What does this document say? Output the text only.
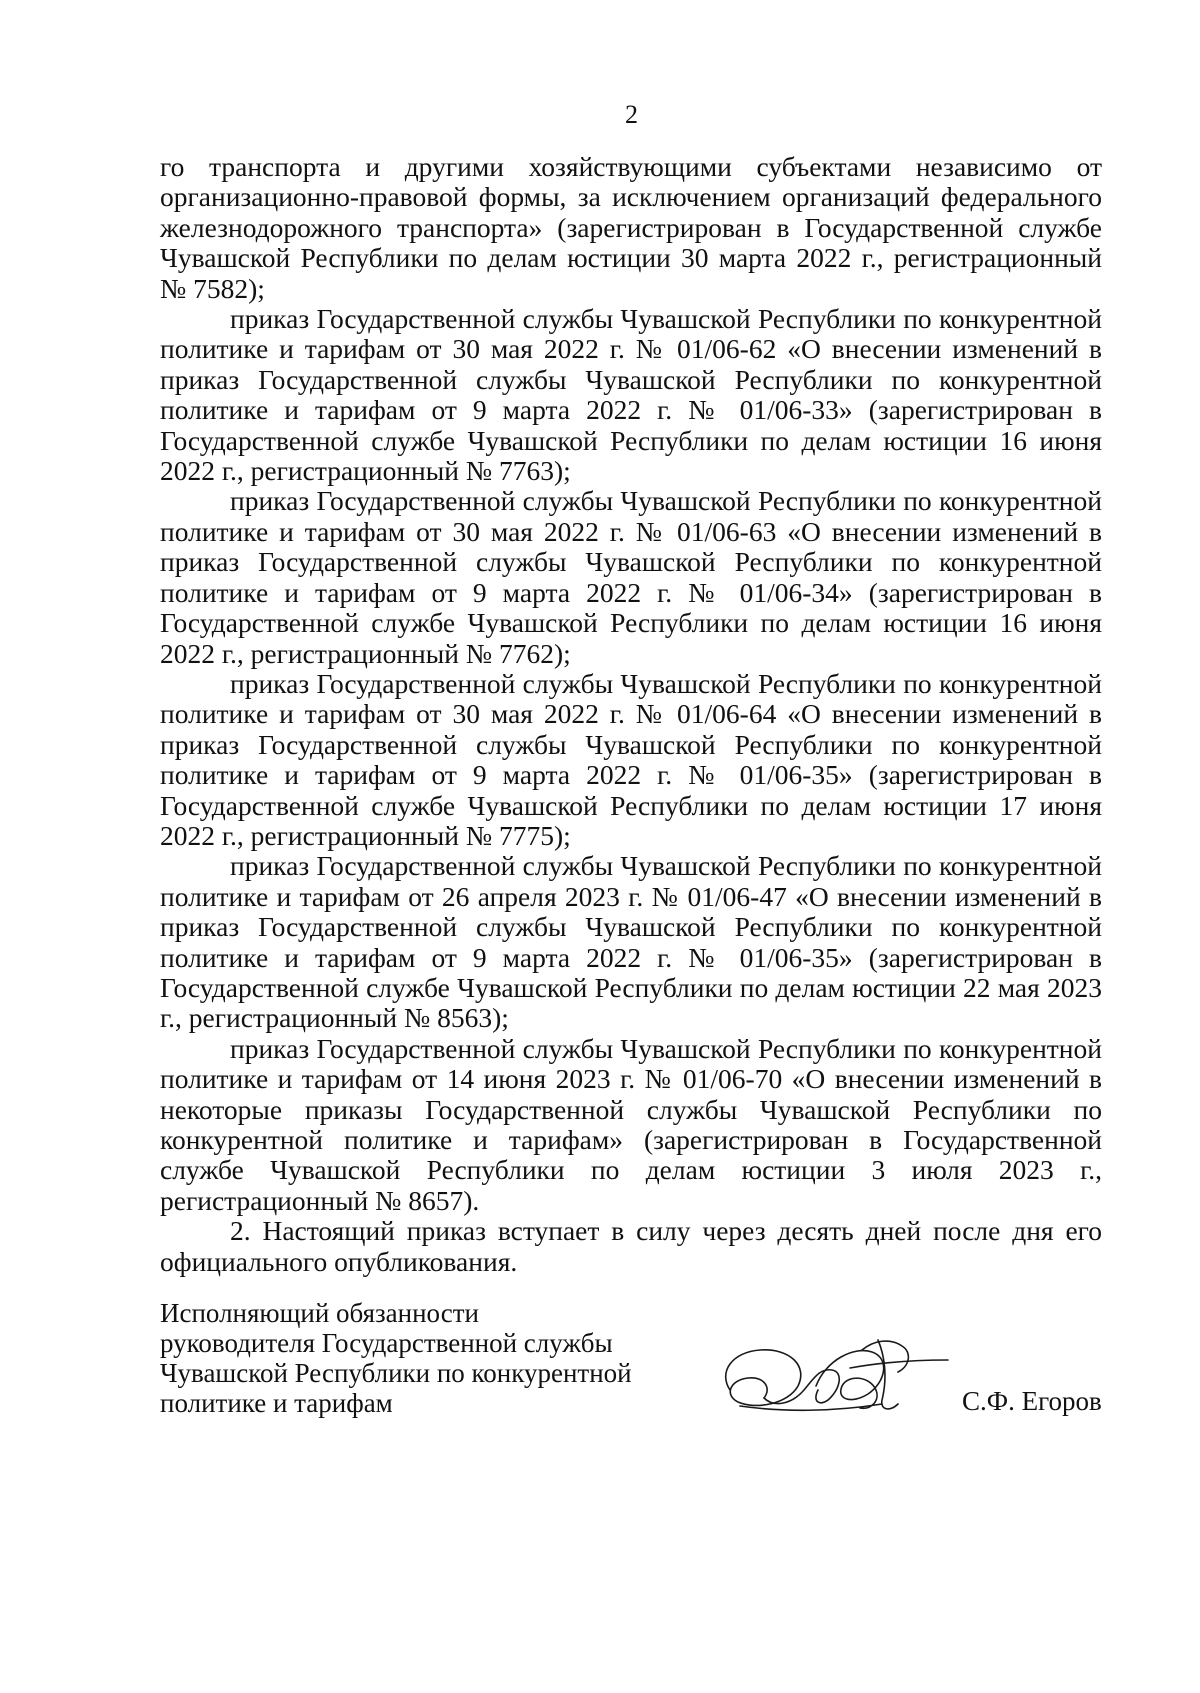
2

го транспорта и другими хозяйствующими субъектами независимо от организационно-правовой формы, за исключением организаций федерального железнодорожного транспорта» (зарегистрирован в Государственной службе Чувашской Республики по делам юстиции 30 марта 2022 г., регистрационный № 7582);

приказ Государственной службы Чувашской Республики по конкурентной политике и тарифам от 30 мая 2022 г. № 01/06-62 «О внесении изменений в приказ Государственной службы Чувашской Республики по конкурентной политике и тарифам от 9 марта 2022 г. № 01/06-33» (зарегистрирован в Государственной службе Чувашской Республики по делам юстиции 16 июня 2022 г., регистрационный № 7763);

приказ Государственной службы Чувашской Республики по конкурентной политике и тарифам от 30 мая 2022 г. № 01/06-63 «О внесении изменений в приказ Государственной службы Чувашской Республики по конкурентной политике и тарифам от 9 марта 2022 г. № 01/06-34» (зарегистрирован в Государственной службе Чувашской Республики по делам юстиции 16 июня 2022 г., регистрационный № 7762);

приказ Государственной службы Чувашской Республики по конкурентной политике и тарифам от 30 мая 2022 г. № 01/06-64 «О внесении изменений в приказ Государственной службы Чувашской Республики по конкурентной политике и тарифам от 9 марта 2022 г. № 01/06-35» (зарегистрирован в Государственной службе Чувашской Республики по делам юстиции 17 июня 2022 г., регистрационный № 7775);

приказ Государственной службы Чувашской Республики по конкурентной политике и тарифам от 26 апреля 2023 г. № 01/06-47 «О внесении изменений в приказ Государственной службы Чувашской Республики по конкурентной политике и тарифам от 9 марта 2022 г. № 01/06-35» (зарегистрирован в Государственной службе Чувашской Республики по делам юстиции 22 мая 2023 г., регистрационный № 8563);

приказ Государственной службы Чувашской Республики по конкурентной политике и тарифам от 14 июня 2023 г. № 01/06-70 «О внесении изменений в некоторые приказы Государственной службы Чувашской Республики по конкурентной политике и тарифам» (зарегистрирован в Государственной службе Чувашской Республики по делам юстиции 3 июля 2023 г., регистрационный № 8657).

2. Настоящий приказ вступает в силу через десять дней после дня его официального опубликования.

Исполняющий обязанности
руководителя Государственной службы
Чувашской Республики по конкурентной
политике и тарифам	С.Ф. Егоров
